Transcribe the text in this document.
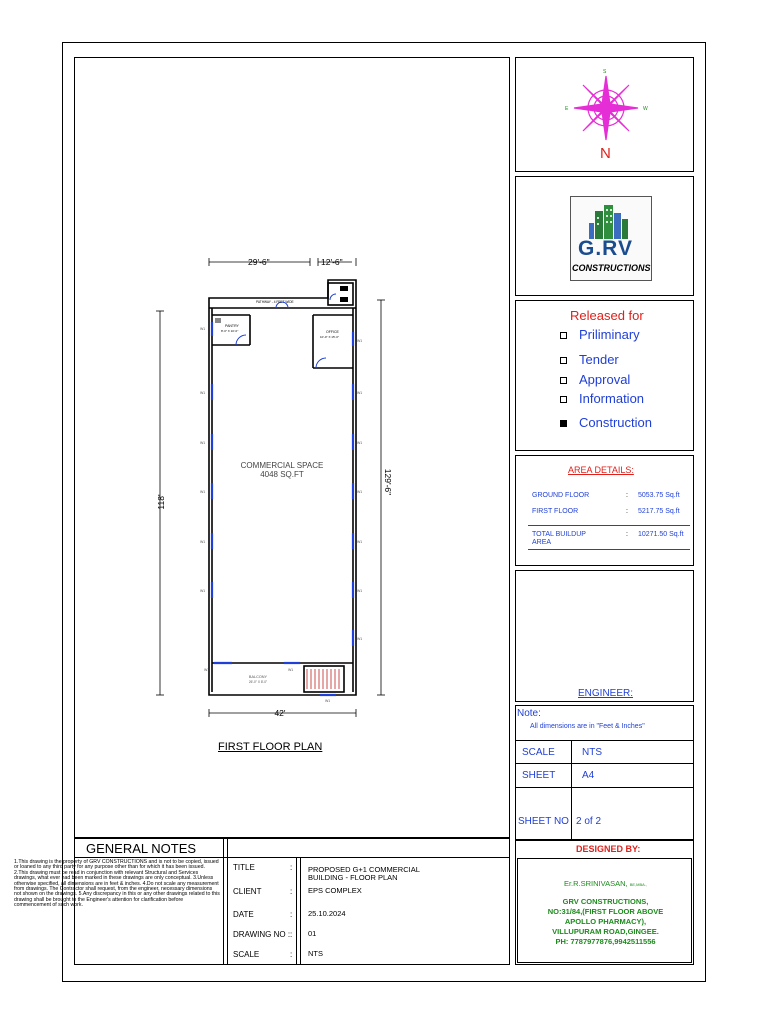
S
E	W
N
G.RV
CONSTRUCTIONS
Released for
Priliminary
Tender
Approval
Information
Construction
AREA DETAILS:
GROUND FLOOR	: 5053.75 Sq.ft
FIRST FLOOR	: 5217.75 Sq.ft
TOTAL BUILDUP AREA
: 10271.50 Sq.ft
ENGINEER:
Note:
All dimensions are in "Feet & Inches"
SCALE	NTS
SHEET	A4
SHEET NO 2 of 2
DESIGNED BY:
Er.R.SRINIVASAN, BE,MBA.,
GRV CONSTRUCTIONS,
NO:31/84,(FIRST FLOOR ABOVE
APOLLO PHARMACY),
VILLUPURAM ROAD,GINGEE.
PH: 7787977876,9942511556
GENERAL NOTES
1.This drawing is the property of GRV CONSTRUCTIONS and is not to be copied, issued or loaned to any third party for any purpose other than for which it has been issued. 2.This drawing must be read in conjunction with relevant Structural and Services drawings, what ever had been marked in these drawings are only conceptual. 3.Unless otherwise specified, all dimensions are in feet & inches. 4.Do not scale any measurement from drawings. The Contractor shall request, from the engineer, necessary dimensions not shown on the drawings. 5.Any discrepancy in this or any other drawings related to this drawing shall be brought to the Engineer's attention for clarification before commencement of such work.
TITLE	: PROPOSED G+1 COMMERCIAL BUILDING - FLOOR PLAN
CLIENT	: EPS COMPLEX
DATE	: 25.10.2024
DRAWING NO : : 01
SCALE	: NTS
29'-6"	12'-6"
118'
129'-6"
42'
PATHWAY - 4 FEET WIDE
PANTRY
8'-0" X 10'-0"	OFFICE
10'-0" X 15'-0"
COMMERCIAL SPACE
4048 SQ.FT
BALCONY
26'-0" X 8'-0"
W1
W1
W1
W1
W1
W1
W1
W1
W1
W1
W1
W1
W1
W1	W1
W1
FIRST FLOOR PLAN
